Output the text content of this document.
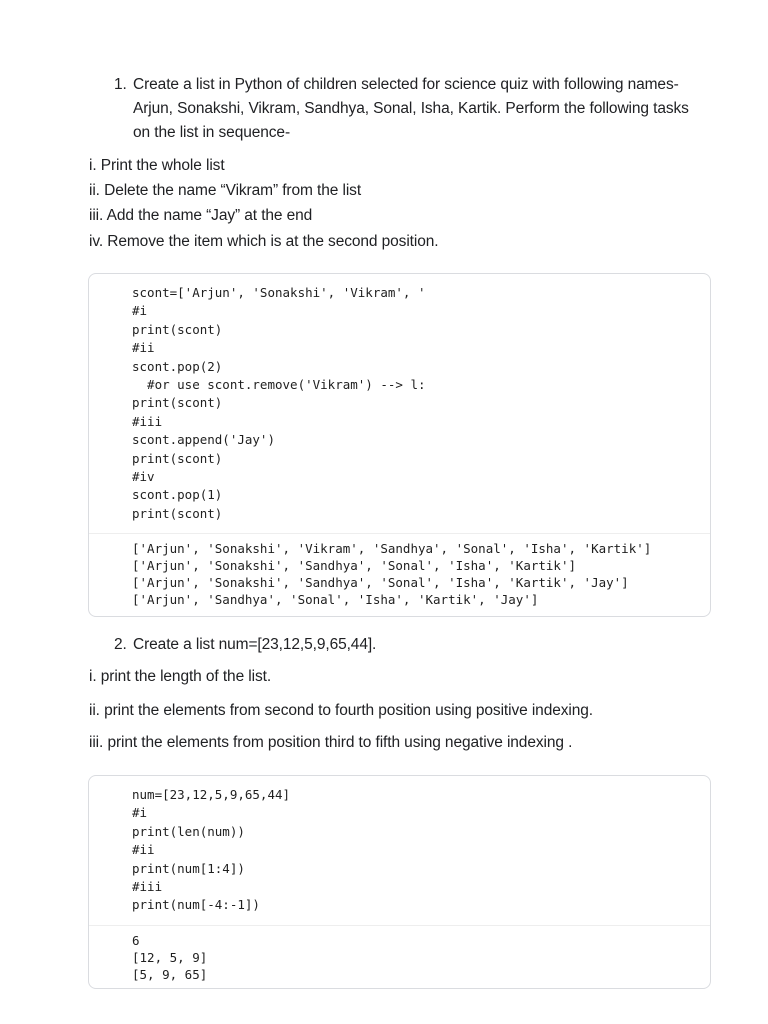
1. Create a list in Python of children selected for science quiz with following names- Arjun, Sonakshi, Vikram, Sandhya, Sonal, Isha, Kartik. Perform the following tasks on the list in sequence-
i. Print the whole list
ii. Delete the name “Vikram” from the list
iii. Add the name “Jay” at the end
iv. Remove the item which is at the second position.
scont=['Arjun', 'Sonakshi', 'Vikram', '
#i
print(scont)
#ii
scont.pop(2)
#or use scont.remove('Vikram') --> l:
print(scont)
#iii
scont.append('Jay')
print(scont)
#iv
scont.pop(1)
print(scont)
['Arjun', 'Sonakshi', 'Vikram', 'Sandhya', 'Sonal', 'Isha', 'Kartik']
['Arjun', 'Sonakshi', 'Sandhya', 'Sonal', 'Isha', 'Kartik']
['Arjun', 'Sonakshi', 'Sandhya', 'Sonal', 'Isha', 'Kartik', 'Jay']
['Arjun', 'Sandhya', 'Sonal', 'Isha', 'Kartik', 'Jay']
2. Create a list num=[23,12,5,9,65,44].
i. print the length of the list.
ii. print the elements from second to fourth position using positive indexing.
iii. print the elements from position third to fifth using negative indexing .
num=[23,12,5,9,65,44]
#i
print(len(num))
#ii
print(num[1:4])
#iii
print(num[-4:-1])
6
[12, 5, 9]
[5, 9, 65]
